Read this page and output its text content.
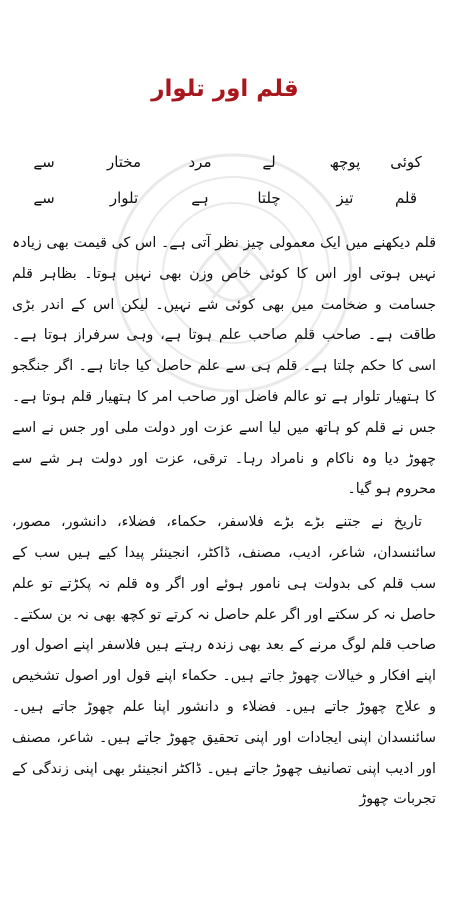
قلم اور تلوار
کوئی
پوچھ
لے
مرد
مختار
سے
قلم
تیز
چلتا
ہے
تلوار
سے

قلم دیکھنے میں ایک معمولی چیز نظر آتی ہے۔ اس کی قیمت بھی زیادہ نہیں ہوتی اور اس کا کوئی خاص وزن بھی نہیں ہوتا۔ بظاہر قلم جسامت و ضخامت میں بھی کوئی شے نہیں۔ لیکن اس کے اندر بڑی طاقت ہے۔ صاحب قلم صاحب علم ہوتا ہے، وہی سرفراز ہوتا ہے۔ اسی کا حکم چلتا ہے۔ قلم ہی سے علم حاصل کیا جاتا ہے۔ اگر جنگجو کا ہتھیار تلوار ہے تو عالم فاضل اور صاحب امر کا ہتھیار قلم ہوتا ہے۔ جس نے قلم کو ہاتھ میں لیا اسے عزت اور دولت ملی اور جس نے اسے چھوڑ دیا وہ ناکام و نامراد رہا۔ ترقی، عزت اور دولت ہر شے سے محروم ہو گیا۔

تاریخ نے جتنے بڑے بڑے فلاسفر، حکماء، فضلاء، دانشور، مصور، سائنسدان، شاعر، ادیب، مصنف، ڈاکٹر، انجینئر پیدا کیے ہیں سب کے سب قلم کی بدولت ہی نامور ہوئے اور اگر وہ قلم نہ پکڑتے تو علم حاصل نہ کر سکتے اور اگر علم حاصل نہ کرتے تو کچھ بھی نہ بن سکتے۔ صاحب قلم لوگ مرنے کے بعد بھی زندہ رہتے ہیں فلاسفر اپنے اصول اور اپنے افکار و خیالات چھوڑ جاتے ہیں۔ حکماء اپنے قول اور اصول تشخیص و علاج چھوڑ جاتے ہیں۔ فضلاء و دانشور اپنا علم چھوڑ جاتے ہیں۔ سائنسدان اپنی ایجادات اور اپنی تحقیق چھوڑ جاتے ہیں۔ شاعر، مصنف اور ادیب اپنی تصانیف چھوڑ جاتے ہیں۔ ڈاکٹر انجینئر بھی اپنی زندگی کے تجربات چھوڑ
